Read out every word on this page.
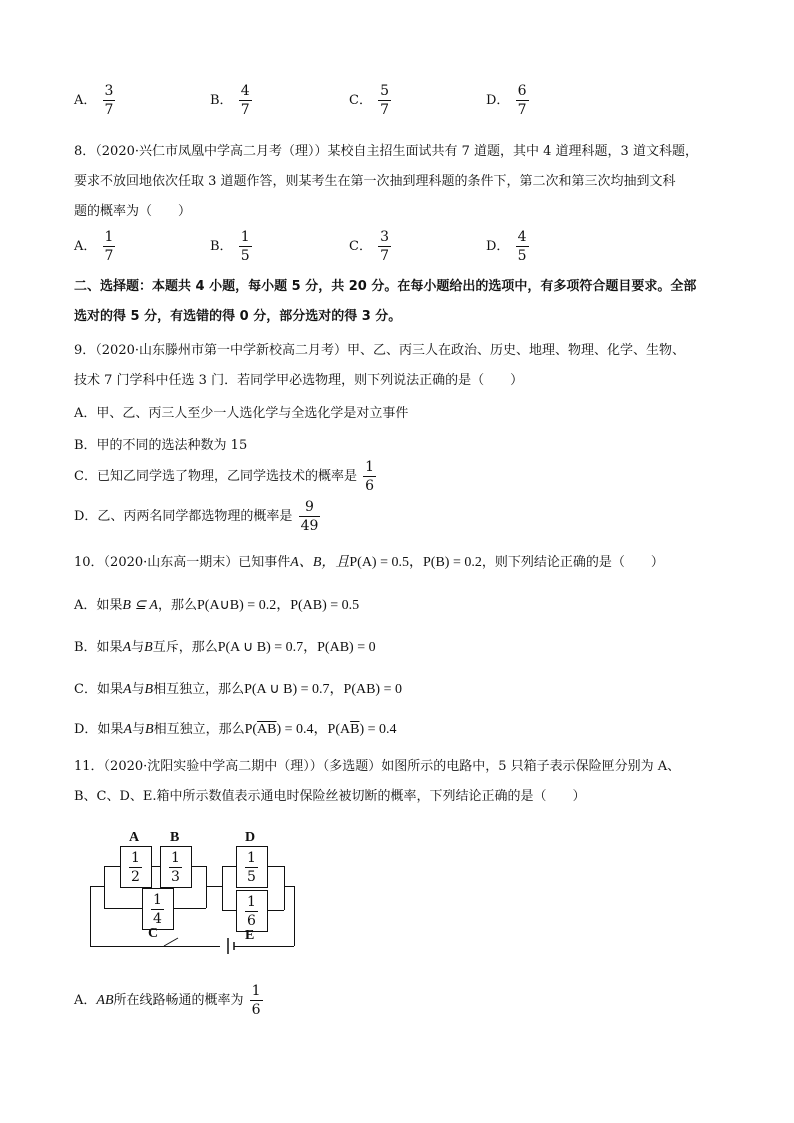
A． $\frac{3}{7}$	B． $\frac{4}{7}$	C． $\frac{5}{7}$	D． $\frac{6}{7}$
8．（2020·兴仁市凤凰中学高二月考（理））某校自主招生面试共有 7 道题，其中 4 道理科题，3 道文科题，
要求不放回地依次任取 3 道题作答，则某考生在第一次抽到理科题的条件下，第二次和第三次均抽到文科
题的概率为（　　）
A． $\frac{1}{7}$	B． $\frac{1}{5}$	C． $\frac{3}{7}$	D． $\frac{4}{5}$
二、选择题：本题共 4 小题，每小题 5 分，共 20 分。在每小题给出的选项中，有多项符合题目要求。全部
选对的得 5 分，有选错的得 0 分，部分选对的得 3 分。
9．（2020·山东滕州市第一中学新校高二月考）甲、乙、丙三人在政治、历史、地理、物理、化学、生物、
技术 7 门学科中任选 3 门．若同学甲必选物理，则下列说法正确的是（　　）
A．甲、乙、丙三人至少一人选化学与全选化学是对立事件
B．甲的不同的选法种数为 15
C．已知乙同学选了物理，乙同学选技术的概率是 $\frac{1}{6}$
D．乙、丙两名同学都选物理的概率是 $\frac{9}{49}$
10．（2020·山东高一期末）已知事件A、B，且P(A) = 0.5，P(B) = 0.2，则下列结论正确的是（　　）
A．如果B ⊆ A，那么P(A∪B) = 0.2，P(AB) = 0.5
B．如果A与B互斥，那么P(A ∪ B) = 0.7，P(AB) = 0
C．如果A与B相互独立，那么P(A ∪ B) = 0.7，P(AB) = 0
D．如果A与B相互独立，那么$P(\overline{AB}) = 0.4$，$P(A\overline{B}) = 0.4$
11．（2020·沈阳实验中学高二期中（理））（多选题）如图所示的电路中，5 只箱子表示保险匣分别为 A、
B、C、D、E.箱中所示数值表示通电时保险丝被切断的概率，下列结论正确的是（　　）
$\frac{1}{2} \frac{1}{3}$
$\frac{1}{4}$
$\frac{1}{5}$
$\frac{1}{6}$
A B
C
D
E
A．AB所在线路畅通的概率为 $\frac{1}{6}$
